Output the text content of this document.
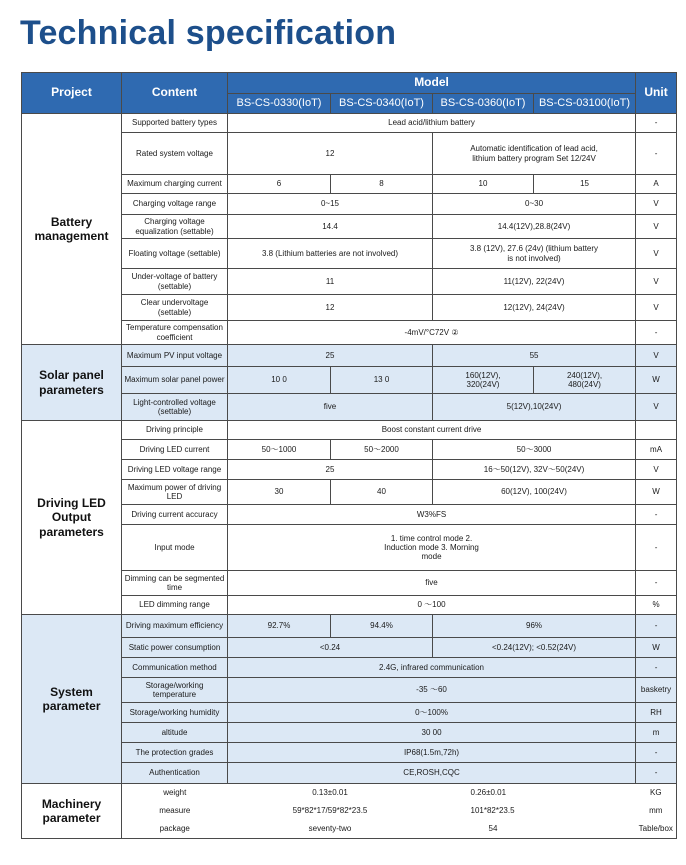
Technical specification
Project	Content	Model				Unit
		BS-CS-0330(IoT)	BS-CS-0340(IoT)	BS-CS-0360(IoT)	BS-CS-03100(IoT)	
Battery management	Supported battery types	Lead acid/lithium battery				-
	Rated system voltage	12		Automatic identification of lead acid, lithium battery program Set 12/24V		-
	Maximum charging current	6	8	10	15	A
	Charging voltage range	0~15		0~30		V
	Charging voltage equalization (settable)	14.4		14.4(12V),28.8(24V)		V
	Floating voltage (settable)	3.8 (Lithium batteries are not involved)		3.8 (12V), 27.6 (24v) (lithium battery is not involved)		V
	Under-voltage of battery (settable)	11		11(12V), 22(24V)		V
	Clear undervoltage (settable)	12		12(12V), 24(24V)		V
	Temperature compensation coefficient	-4mV/°C72V ②				-
Solar panel parameters	Maximum PV input voltage	25		55		V
	Maximum solar panel power	10 0	13 0	160(12V), 320(24V)	240(12V), 480(24V)	W
	Light-controlled voltage (settable)	five		5(12V),10(24V)		V
Driving LED Output parameters	Driving principle	Boost constant current drive				
	Driving LED current	50～1000	50～2000	50～3000		mA
	Driving LED voltage range	25		16～50(12V), 32V～50(24V)		V
	Maximum power of driving LED	30	40	60(12V), 100(24V)		W
	Driving current accuracy	W3%FS				-
	Input mode	1. time control mode 2. Induction mode 3. Morning mode				-
	Dimming can be segmented time	five				-
	LED dimming range	0 ～100				%
System parameter	Driving maximum efficiency	92.7%	94.4%	96%		-
	Static power consumption	<0.24		<0.24(12V); <0.52(24V)		W
	Communication method	2.4G, infrared communication				-
	Storage/working temperature	-35 ～60				basketry
	Storage/working humidity	0～100%				RH
	altitude	30 00				m
	The protection grades	IP68(1.5m,72h)				-
	Authentication	CE,ROSH,CQC				-
Machinery parameter	weight	0.13±0.01		0.26±0.01		KG
	measure	59*82*17/59*82*23.5		101*82*23.5		mm
	package	seventy-two		54		Table/box
